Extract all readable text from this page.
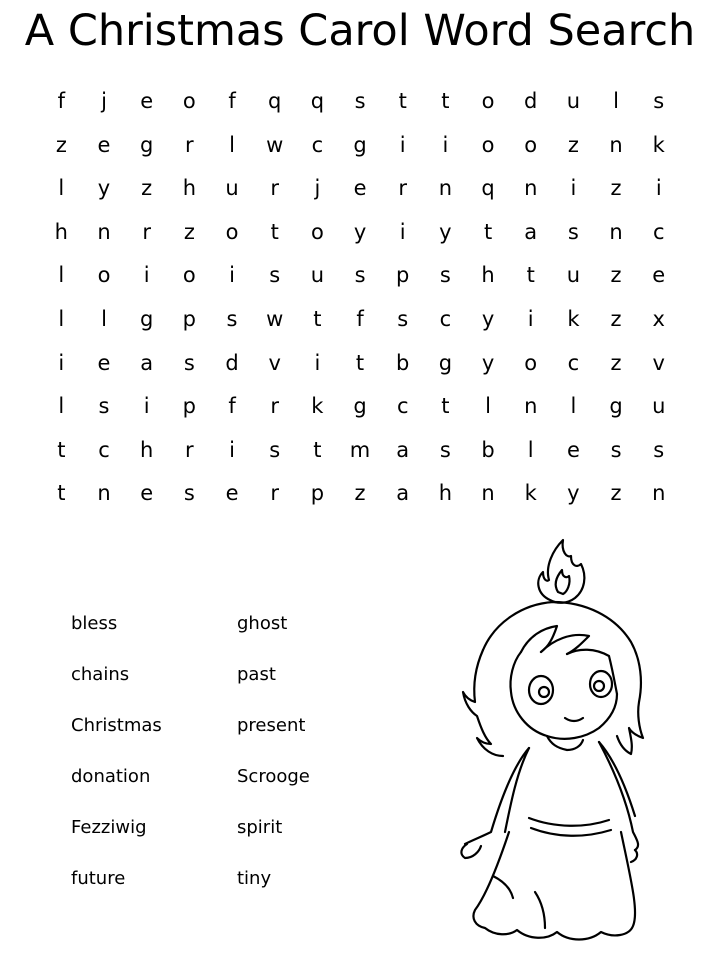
A Christmas Carol Word Search
f	j	e	o	f	q	q	s	t	t	o	d	u	l	s
z	e	g	r	l	w	c	g	i	i	o	o	z	n	k
l	y	z	h	u	r	j	e	r	n	q	n	i	z	i
h	n	r	z	o	t	o	y	i	y	t	a	s	n	c
l	o	i	o	i	s	u	s	p	s	h	t	u	z	e
l	l	g	p	s	w	t	f	s	c	y	i	k	z	x
i	e	a	s	d	v	i	t	b	g	y	o	c	z	v
l	s	i	p	f	r	k	g	c	t	l	n	l	g	u
t	c	h	r	i	s	t	m	a	s	b	l	e	s	s
t	n	e	s	e	r	p	z	a	h	n	k	y	z	n
bless
chains
Christmas
donation
Fezziwig
future
ghost
past
present
Scrooge
spirit
tiny
